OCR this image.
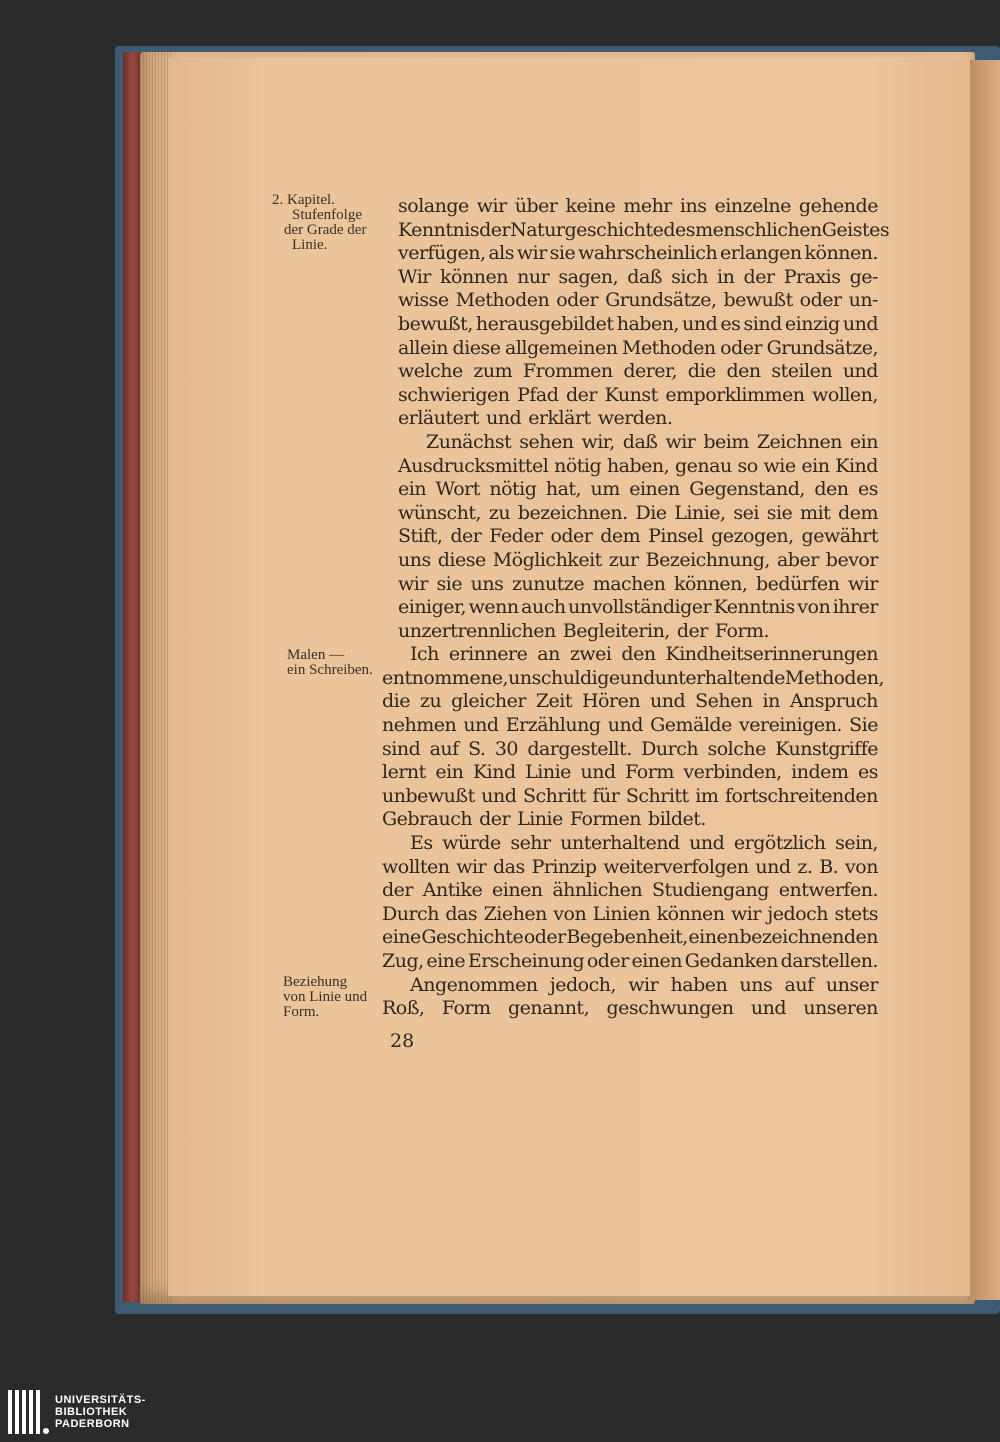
2. Kapitel.
Stufenfolge
der Grade der
Linie.
Malen —
ein Schreiben.
Beziehung
von Linie und
Form.
solange wir über keine mehr ins einzelne gehende
Kenntnis der Naturgeschichte des menschlichen Geistes
verfügen, als wir sie wahrscheinlich erlangen können.
Wir können nur sagen, daß sich in der Praxis ge-
wisse Methoden oder Grundsätze, bewußt oder un-
bewußt, herausgebildet haben, und es sind einzig und
allein diese allgemeinen Methoden oder Grundsätze,
welche zum Frommen derer, die den steilen und
schwierigen Pfad der Kunst emporklimmen wollen,
erläutert und erklärt werden.
Zunächst sehen wir, daß wir beim Zeichnen ein
Ausdrucksmittel nötig haben, genau so wie ein Kind
ein Wort nötig hat, um einen Gegenstand, den es
wünscht, zu bezeichnen. Die Linie, sei sie mit dem
Stift, der Feder oder dem Pinsel gezogen, gewährt
uns diese Möglichkeit zur Bezeichnung, aber bevor
wir sie uns zunutze machen können, bedürfen wir
einiger, wenn auch unvollständiger Kenntnis von ihrer
unzertrennlichen Begleiterin, der Form.
Ich erinnere an zwei den Kindheitserinnerungen
entnommene, unschuldige und unterhaltende Methoden,
die zu gleicher Zeit Hören und Sehen in Anspruch
nehmen und Erzählung und Gemälde vereinigen. Sie
sind auf S. 30 dargestellt. Durch solche Kunstgriffe
lernt ein Kind Linie und Form verbinden, indem es
unbewußt und Schritt für Schritt im fortschreitenden
Gebrauch der Linie Formen bildet.
Es würde sehr unterhaltend und ergötzlich sein,
wollten wir das Prinzip weiterverfolgen und z. B. von
der Antike einen ähnlichen Studiengang entwerfen.
Durch das Ziehen von Linien können wir jedoch stets
eine Geschichte oder Begebenheit, einen bezeichnenden
Zug, eine Erscheinung oder einen Gedanken darstellen.
Angenommen jedoch, wir haben uns auf unser
Roß, Form genannt, geschwungen und unseren
28
UNIVERSITÄTS-
BIBLIOTHEK
PADERBORN
